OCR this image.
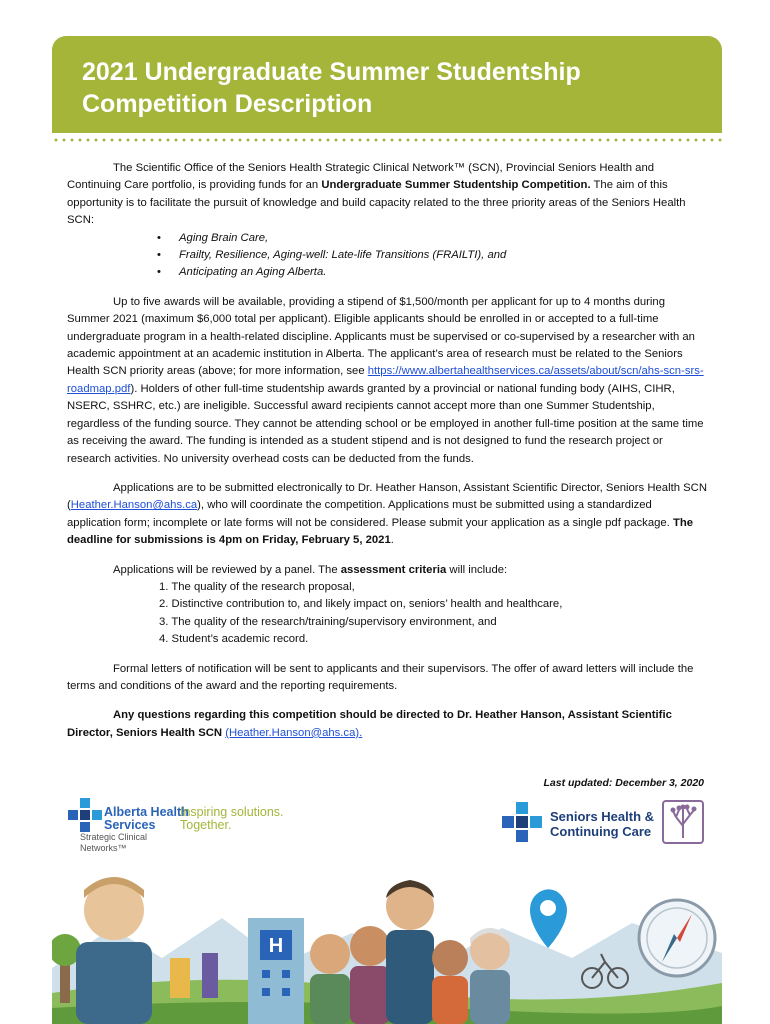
2021 Undergraduate Summer Studentship Competition Description

The Scientific Office of the Seniors Health Strategic Clinical Network™ (SCN), Provincial Seniors Health and Continuing Care portfolio, is providing funds for an Undergraduate Summer Studentship Competition. The aim of this opportunity is to facilitate the pursuit of knowledge and build capacity related to the three priority areas of the Seniors Health SCN:

• Aging Brain Care,
• Frailty, Resilience, Aging-well: Late-life Transitions (FRAILTI), and
• Anticipating an Aging Alberta.

Up to five awards will be available, providing a stipend of $1,500/month per applicant for up to 4 months during Summer 2021 (maximum $6,000 total per applicant). Eligible applicants should be enrolled in or accepted to a full-time undergraduate program in a health-related discipline. Applicants must be supervised or co-supervised by a researcher with an academic appointment at an academic institution in Alberta. The applicant’s area of research must be related to the Seniors Health SCN priority areas (above; for more information, see https://www.albertahealthservices.ca/assets/about/scn/ahs-scn-srs-roadmap.pdf). Holders of other full-time studentship awards granted by a provincial or national funding body (AIHS, CIHR, NSERC, SSHRC, etc.) are ineligible. Successful award recipients cannot accept more than one Summer Studentship, regardless of the funding source. They cannot be attending school or be employed in another full-time position at the same time as receiving the award. The funding is intended as a student stipend and is not designed to fund the research project or research activities. No university overhead costs can be deducted from the funds.

Applications are to be submitted electronically to Dr. Heather Hanson, Assistant Scientific Director, Seniors Health SCN (Heather.Hanson@ahs.ca), who will coordinate the competition. Applications must be submitted using a standardized application form; incomplete or late forms will not be considered. Please submit your application as a single pdf package. The deadline for submissions is 4pm on Friday, February 5, 2021.

Applications will be reviewed by a panel. The assessment criteria will include:

1. The quality of the research proposal,
2. Distinctive contribution to, and likely impact on, seniors’ health and healthcare,
3. The quality of the research/training/supervisory environment, and
4. Student’s academic record.

Formal letters of notification will be sent to applicants and their supervisors. The offer of award letters will include the terms and conditions of the award and the reporting requirements.

Any questions regarding this competition should be directed to Dr. Heather Hanson, Assistant Scientific Director, Seniors Health SCN (Heather.Hanson@ahs.ca).

Last updated: December 3, 2020
Alberta Health
Services
Inspiring solutions.
Together.
Strategic Clinical
Networks™
Seniors Health &
Continuing Care
H
